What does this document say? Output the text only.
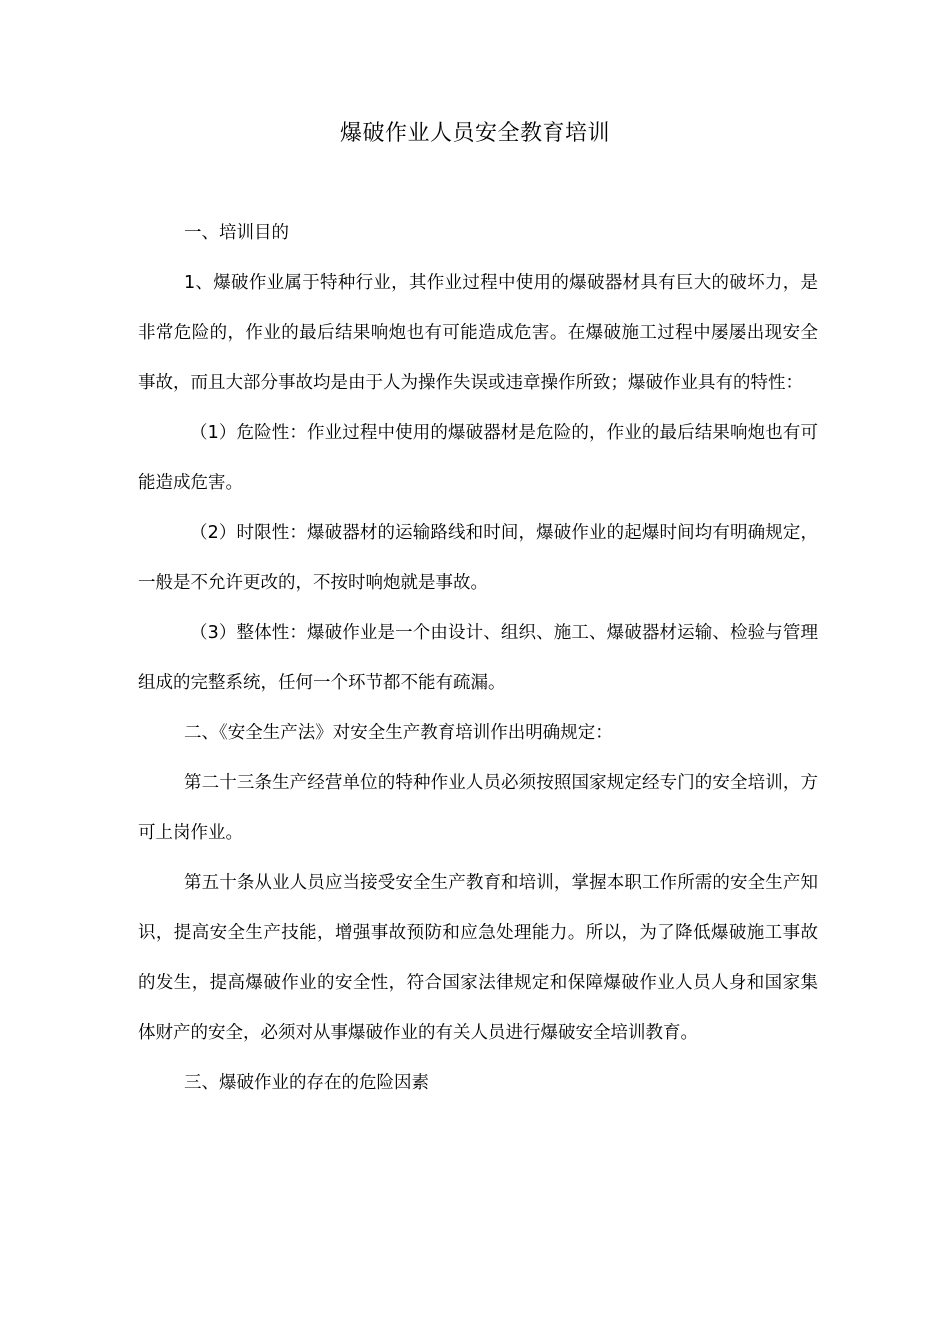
爆破作业人员安全教育培训

一、培训目的

1、爆破作业属于特种行业，其作业过程中使用的爆破器材具有巨大的破坏力，是非常危险的，作业的最后结果响炮也有可能造成危害。在爆破施工过程中屡屡出现安全事故，而且大部分事故均是由于人为操作失误或违章操作所致；爆破作业具有的特性：

（1）危险性：作业过程中使用的爆破器材是危险的，作业的最后结果响炮也有可能造成危害。

（2）时限性：爆破器材的运输路线和时间，爆破作业的起爆时间均有明确规定，一般是不允许更改的，不按时响炮就是事故。

（3）整体性：爆破作业是一个由设计、组织、施工、爆破器材运输、检验与管理组成的完整系统，任何一个环节都不能有疏漏。

二、《安全生产法》对安全生产教育培训作出明确规定：

第二十三条生产经营单位的特种作业人员必须按照国家规定经专门的安全培训，方可上岗作业。

第五十条从业人员应当接受安全生产教育和培训，掌握本职工作所需的安全生产知识，提高安全生产技能，增强事故预防和应急处理能力。所以，为了降低爆破施工事故的发生，提高爆破作业的安全性，符合国家法律规定和保障爆破作业人员人身和国家集体财产的安全，必须对从事爆破作业的有关人员进行爆破安全培训教育。

三、爆破作业的存在的危险因素
